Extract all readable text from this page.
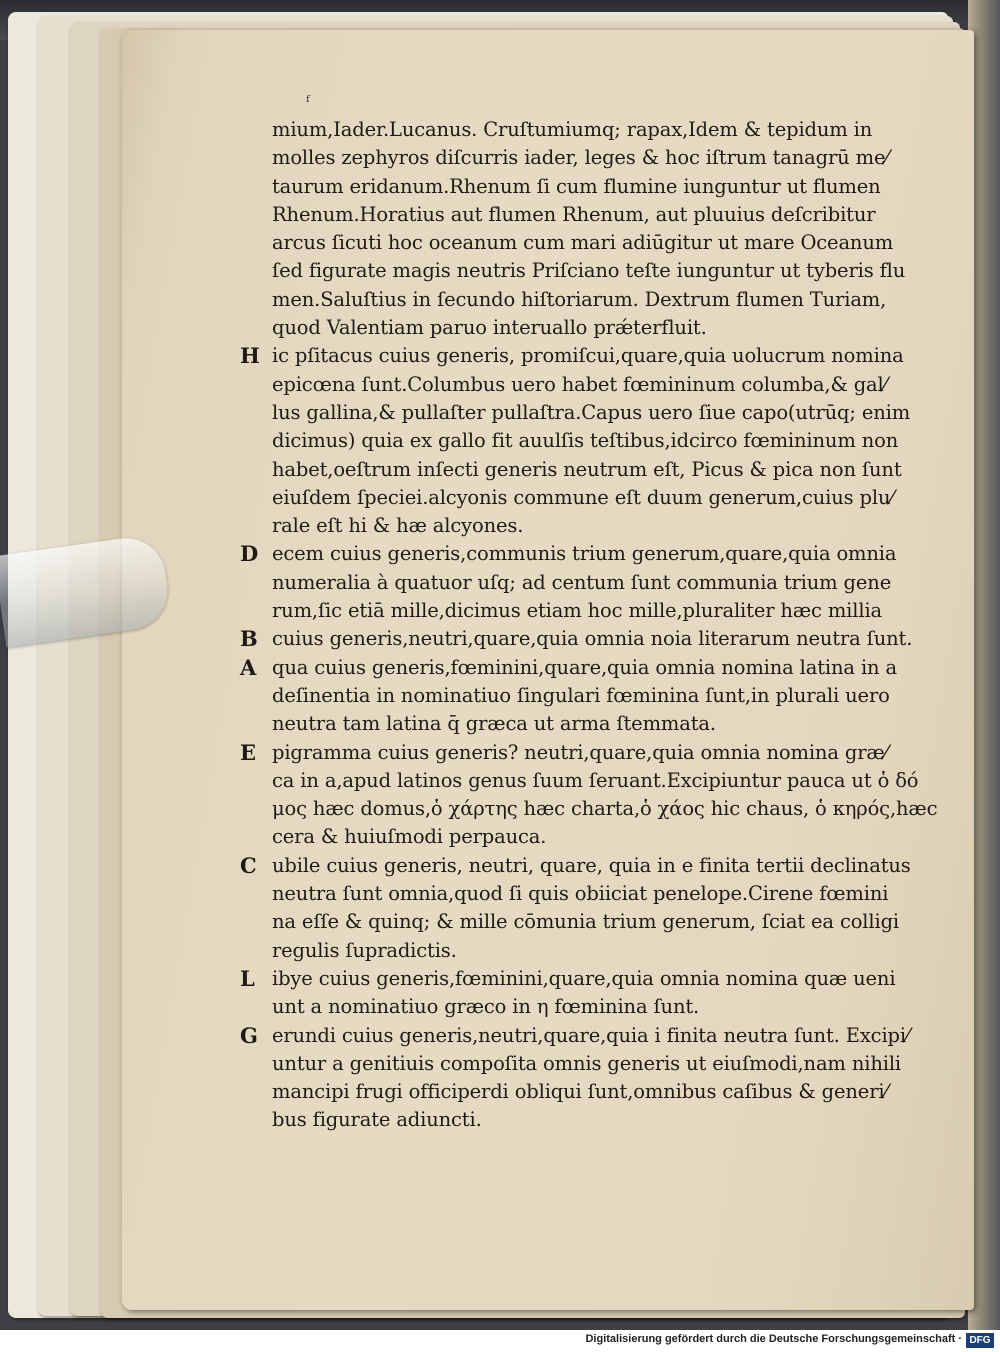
ᶠ
mium,Iader.Lucanus. Cruſtumiumq; rapax,Idem & tepidum in
molles zephyros diſcurris iader, leges & hoc iſtrum tanagrū me⁄
taurum eridanum.Rhenum ſi cum flumine iunguntur ut flumen
Rhenum.Horatius aut flumen Rhenum, aut pluuius deſcribitur
arcus ſicuti hoc oceanum cum mari adiūgitur ut mare Oceanum
ſed figurate magis neutris Priſciano teſte iunguntur ut tyberis flu
men.Saluſtius in ſecundo hiſtoriarum. Dextrum flumen Turiam,
quod Valentiam paruo interuallo prǽterfluit.
H ic pſitacus cuius generis, promiſcui,quare,quia uolucrum nomina
epicœna ſunt.Columbus uero habet fœmininum columba,& gal⁄
lus gallina,& pullaſter pullaſtra.Capus uero ſiue capo(utrūq; enim
dicimus) quia ex gallo fit auulſis teſtibus,idcirco fœmininum non
habet,oeſtrum inſecti generis neutrum eſt, Picus & pica non ſunt
eiuſdem ſpeciei.alcyonis commune eſt duum generum,cuius plu⁄
rale eſt hi & hæ alcyones.
D ecem cuius generis,communis trium generum,quare,quia omnia
numeralia à quatuor uſq; ad centum ſunt communia trium gene
rum,ſic etiā mille,dicimus etiam hoc mille,pluraliter hæc millia
B cuius generis,neutri,quare,quia omnia noia literarum neutra ſunt.
A qua cuius generis,fœminini,quare,quia omnia nomina latina in a
deſinentia in nominatiuo ſingulari fœminina ſunt,in plurali uero
neutra tam latina q̄ græca ut arma ſtemmata.
E pigramma cuius generis? neutri,quare,quia omnia nomina græ⁄
ca in a,apud latinos genus ſuum ſeruant.Excipiuntur pauca ut ὁ δό
μος hæc domus,ὁ χάρτης hæc charta,ὁ χάος hic chaus, ὁ κηρός,hæc
cera & huiuſmodi perpauca.
C ubile cuius generis, neutri, quare, quia in e finita tertii declinatus
neutra ſunt omnia,quod ſi quis obiiciat penelope.Cirene fœmini
na eſſe & quinq; & mille cōmunia trium generum, ſciat ea colligi
regulis ſupradictis.
L ibye cuius generis,fœminini,quare,quia omnia nomina quæ ueni
unt a nominatiuo græco in η fœminina ſunt.
G erundi cuius generis,neutri,quare,quia i finita neutra ſunt. Excipi⁄
untur a genitiuis compoſita omnis generis ut eiuſmodi,nam nihili
mancipi frugi officiperdi obliqui ſunt,omnibus caſibus & generi⁄
bus figurate adiuncti.
Digitalisierung gefördert durch die Deutsche Forschungsgemeinschaft · DFG
